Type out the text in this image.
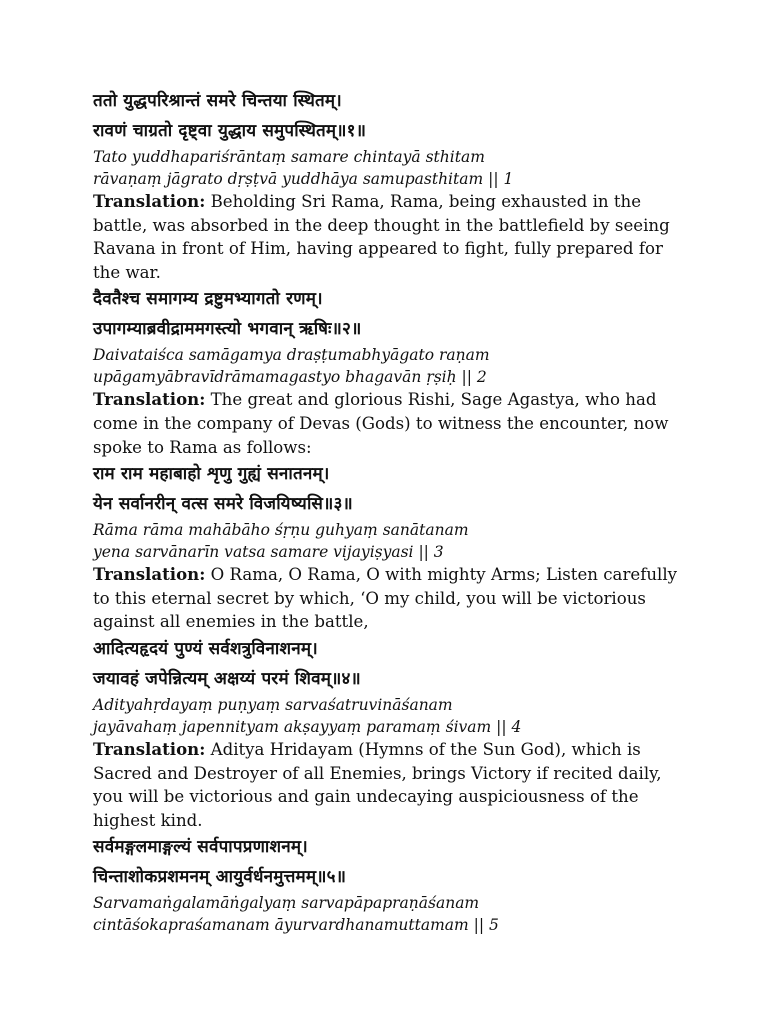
ततो युद्धपरिश्रान्तं समरे चिन्तया स्थितम्।
रावणं चाग्रतो दृष्ट्वा युद्धाय समुपस्थितम्॥१॥
Tato yuddhapariśrāntaṃ samare chintayā sthitam
rāvaṇaṃ jāgrato dṛṣṭvā yuddhāya samupasthitam || 1

Translation: Beholding Sri Rama, Rama, being exhausted in the battle, was absorbed in the deep thought in the battlefield by seeing Ravana in front of Him, having appeared to fight, fully prepared for the war.

दैवतैश्च समागम्य द्रष्टुमभ्यागतो रणम्।
उपागम्याब्रवीद्राममगस्त्यो भगवान् ऋषिः॥२॥
Daivataiśca samāgamya draṣṭumabhyāgato raṇam
upāgamyābravīdrāmamagastyo bhagavān ṛṣiḥ || 2

Translation: The great and glorious Rishi, Sage Agastya, who had come in the company of Devas (Gods) to witness the encounter, now spoke to Rama as follows:

राम राम महाबाहो शृणु गुह्यं सनातनम्।
येन सर्वानरीन् वत्स समरे विजयिष्यसि॥३॥
Rāma rāma mahābāho śṛṇu guhyaṃ sanātanam
yena sarvānarīn vatsa samare vijayiṣyasi || 3

Translation: O Rama, O Rama, O with mighty Arms; Listen carefully to this eternal secret by which, ‘O my child, you will be victorious against all enemies in the battle,

आदित्यहृदयं पुण्यं सर्वशत्रुविनाशनम्।
जयावहं जपेन्नित्यम् अक्षय्यं परमं शिवम्॥४॥
Adityahṛdayaṃ puṇyaṃ sarvaśatruvināśanam
jayāvahaṃ japennityam akṣayyaṃ paramaṃ śivam || 4

Translation: Aditya Hridayam (Hymns of the Sun God), which is Sacred and Destroyer of all Enemies, brings Victory if recited daily, you will be victorious and gain undecaying auspiciousness of the highest kind.

सर्वमङ्गलमाङ्गल्यं सर्वपापप्रणाशनम्।
चिन्ताशोकप्रशमनम् आयुर्वर्धनमुत्तमम्॥५॥
Sarvamaṅgalamāṅgalyaṃ sarvapāpapraṇāśanam
cintāśokapraśamanam āyurvardhanamuttamam || 5
